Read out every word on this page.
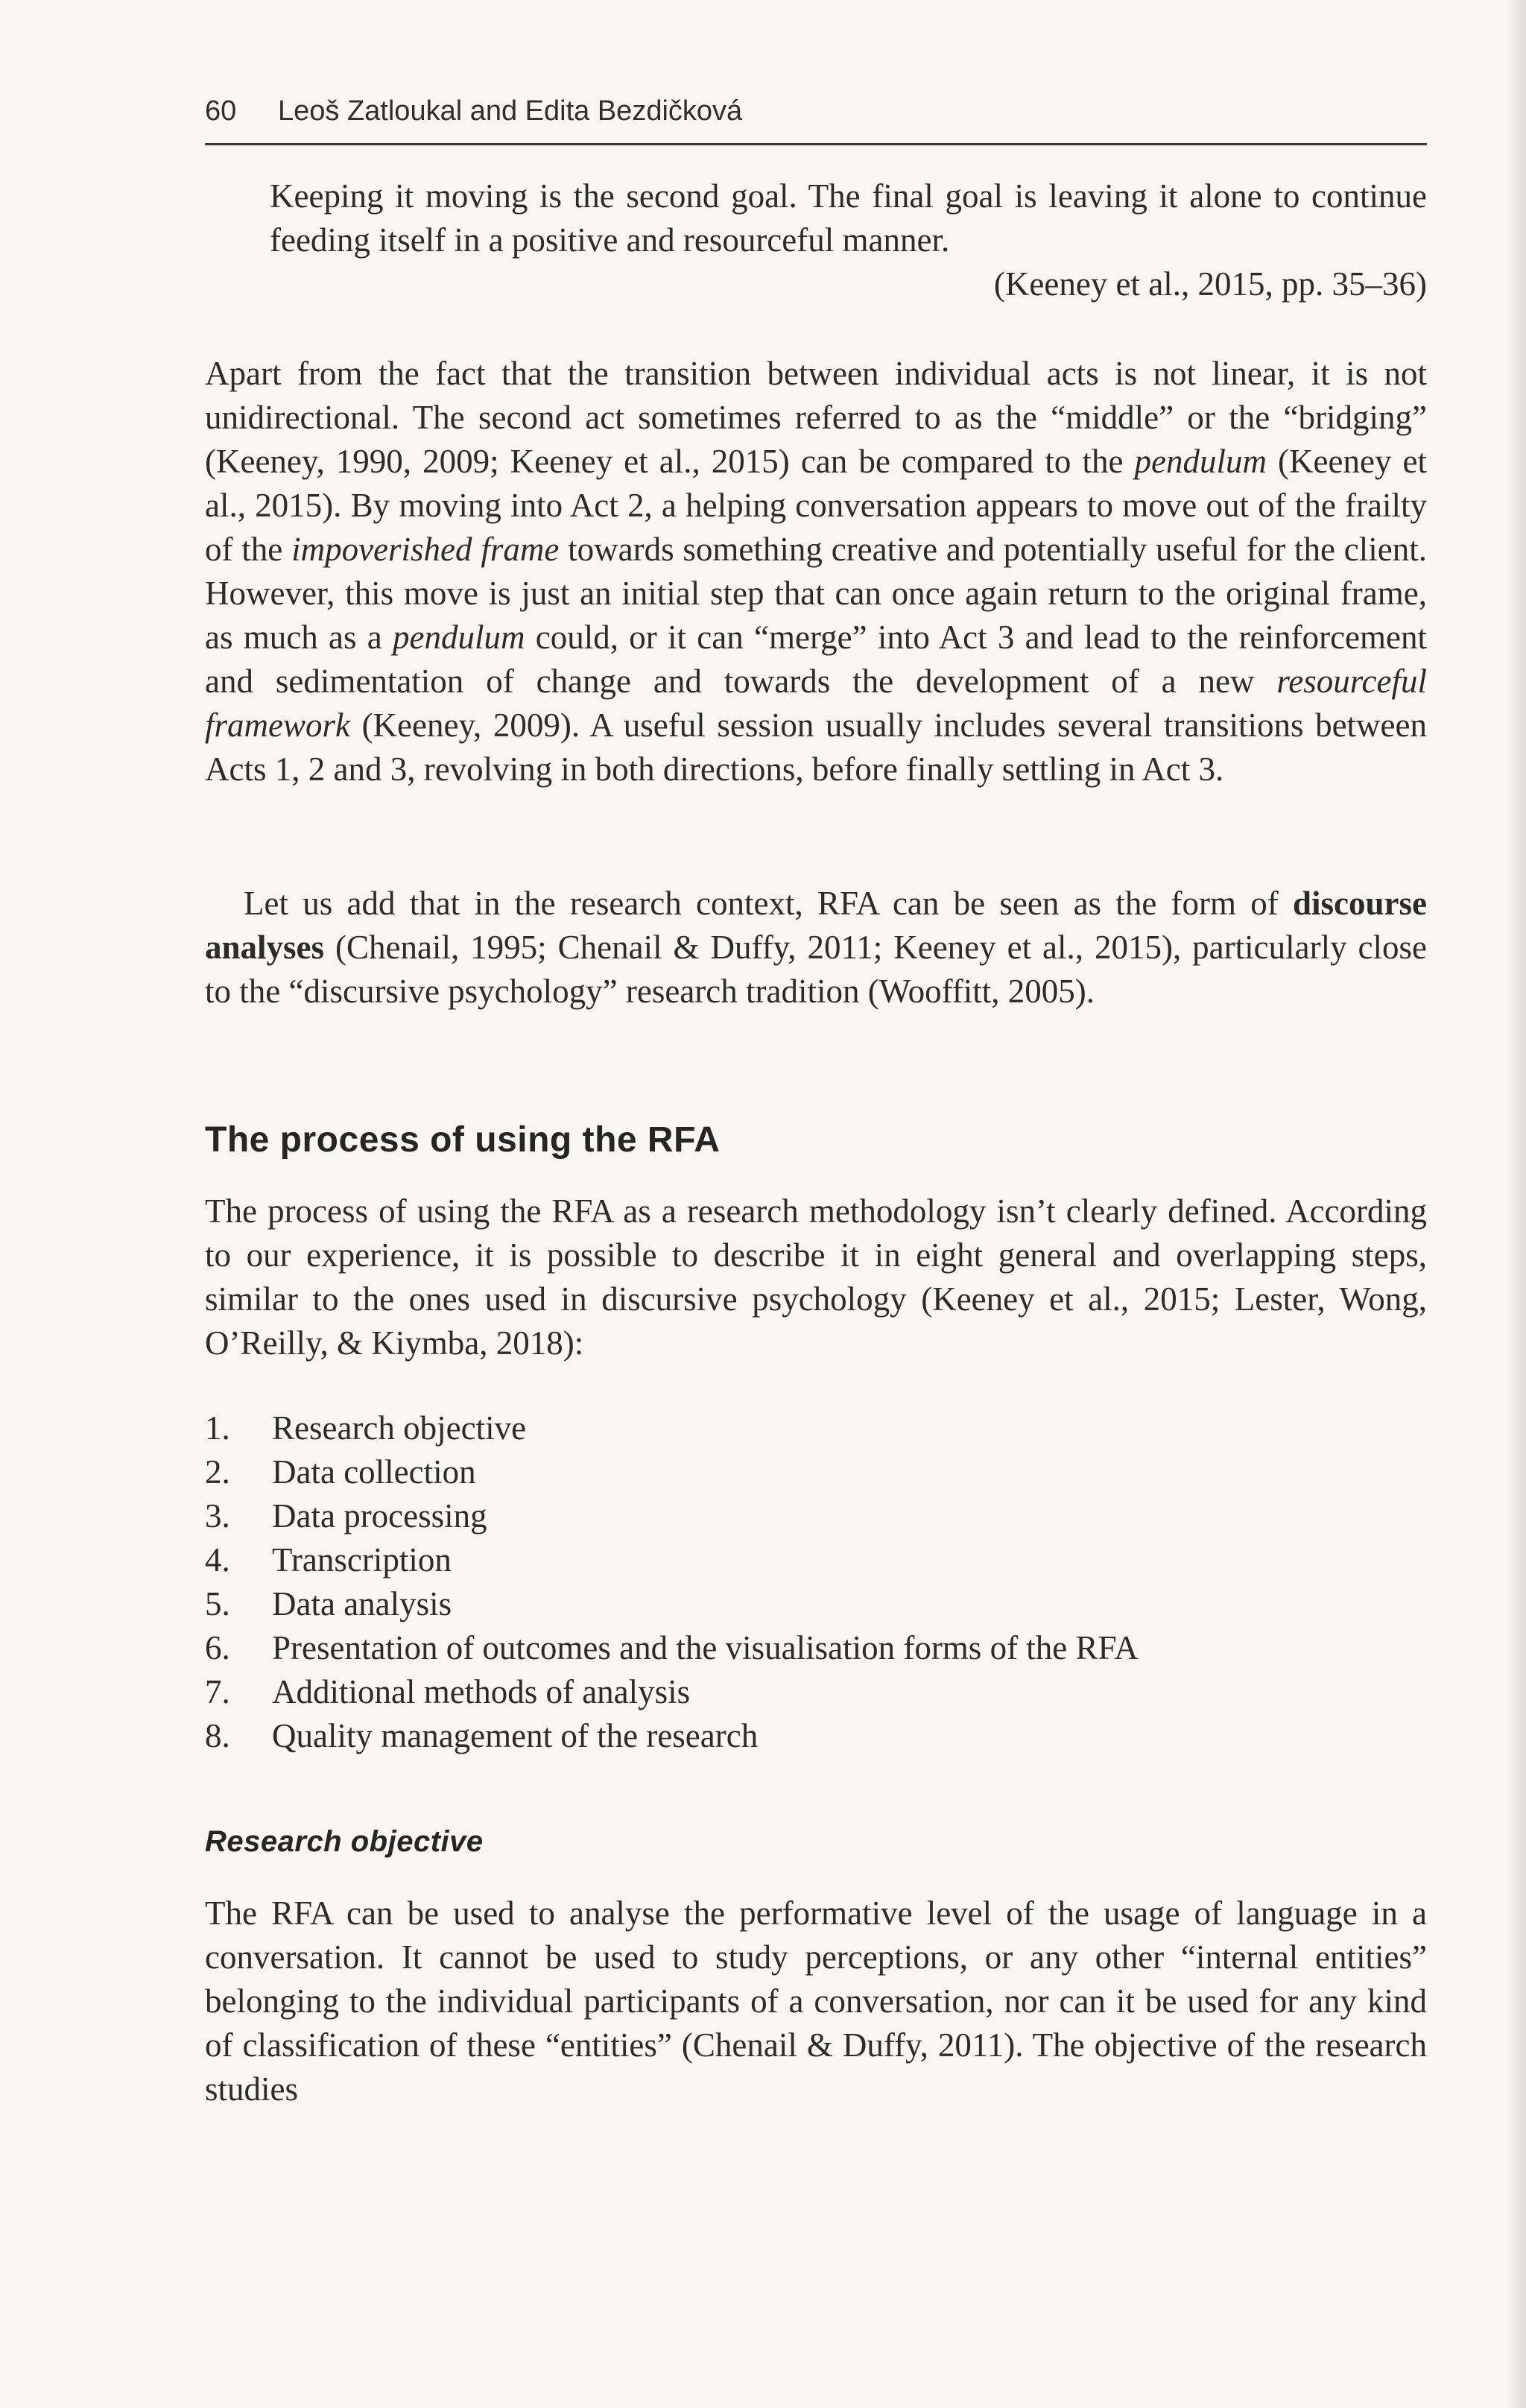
60 Leoš Zatloukal and Edita Bezdičková

Keeping it moving is the second goal. The final goal is leaving it alone to continue feeding itself in a positive and resourceful manner.

(Keeney et al., 2015, pp. 35–36)

Apart from the fact that the transition between individual acts is not linear, it is not unidirectional. The second act sometimes referred to as the “middle” or the “bridging” (Keeney, 1990, 2009; Keeney et al., 2015) can be compared to the pendulum (Keeney et al., 2015). By moving into Act 2, a helping conversation appears to move out of the frailty of the impoverished frame towards something creative and potentially useful for the client. However, this move is just an initial step that can once again return to the original frame, as much as a pendulum could, or it can “merge” into Act 3 and lead to the reinforcement and sedimentation of change and towards the development of a new resourceful framework (Keeney, 2009). A useful session usually includes several transitions between Acts 1, 2 and 3, revolving in both directions, before finally settling in Act 3.

Let us add that in the research context, RFA can be seen as the form of discourse analyses (Chenail, 1995; Chenail & Duffy, 2011; Keeney et al., 2015), particularly close to the “discursive psychology” research tradition (Wooffitt, 2005).

The process of using the RFA

The process of using the RFA as a research methodology isn’t clearly defined. According to our experience, it is possible to describe it in eight general and overlapping steps, similar to the ones used in discursive psychology (Keeney et al., 2015; Lester, Wong, O’Reilly, & Kiymba, 2018):

1. Research objective
2. Data collection
3. Data processing
4. Transcription
5. Data analysis
6. Presentation of outcomes and the visualisation forms of the RFA
7. Additional methods of analysis
8. Quality management of the research
Research objective

The RFA can be used to analyse the performative level of the usage of language in a conversation. It cannot be used to study perceptions, or any other “internal entities” belonging to the individual participants of a conversation, nor can it be used for any kind of classification of these “entities” (Chenail & Duffy, 2011). The objective of the research studies
